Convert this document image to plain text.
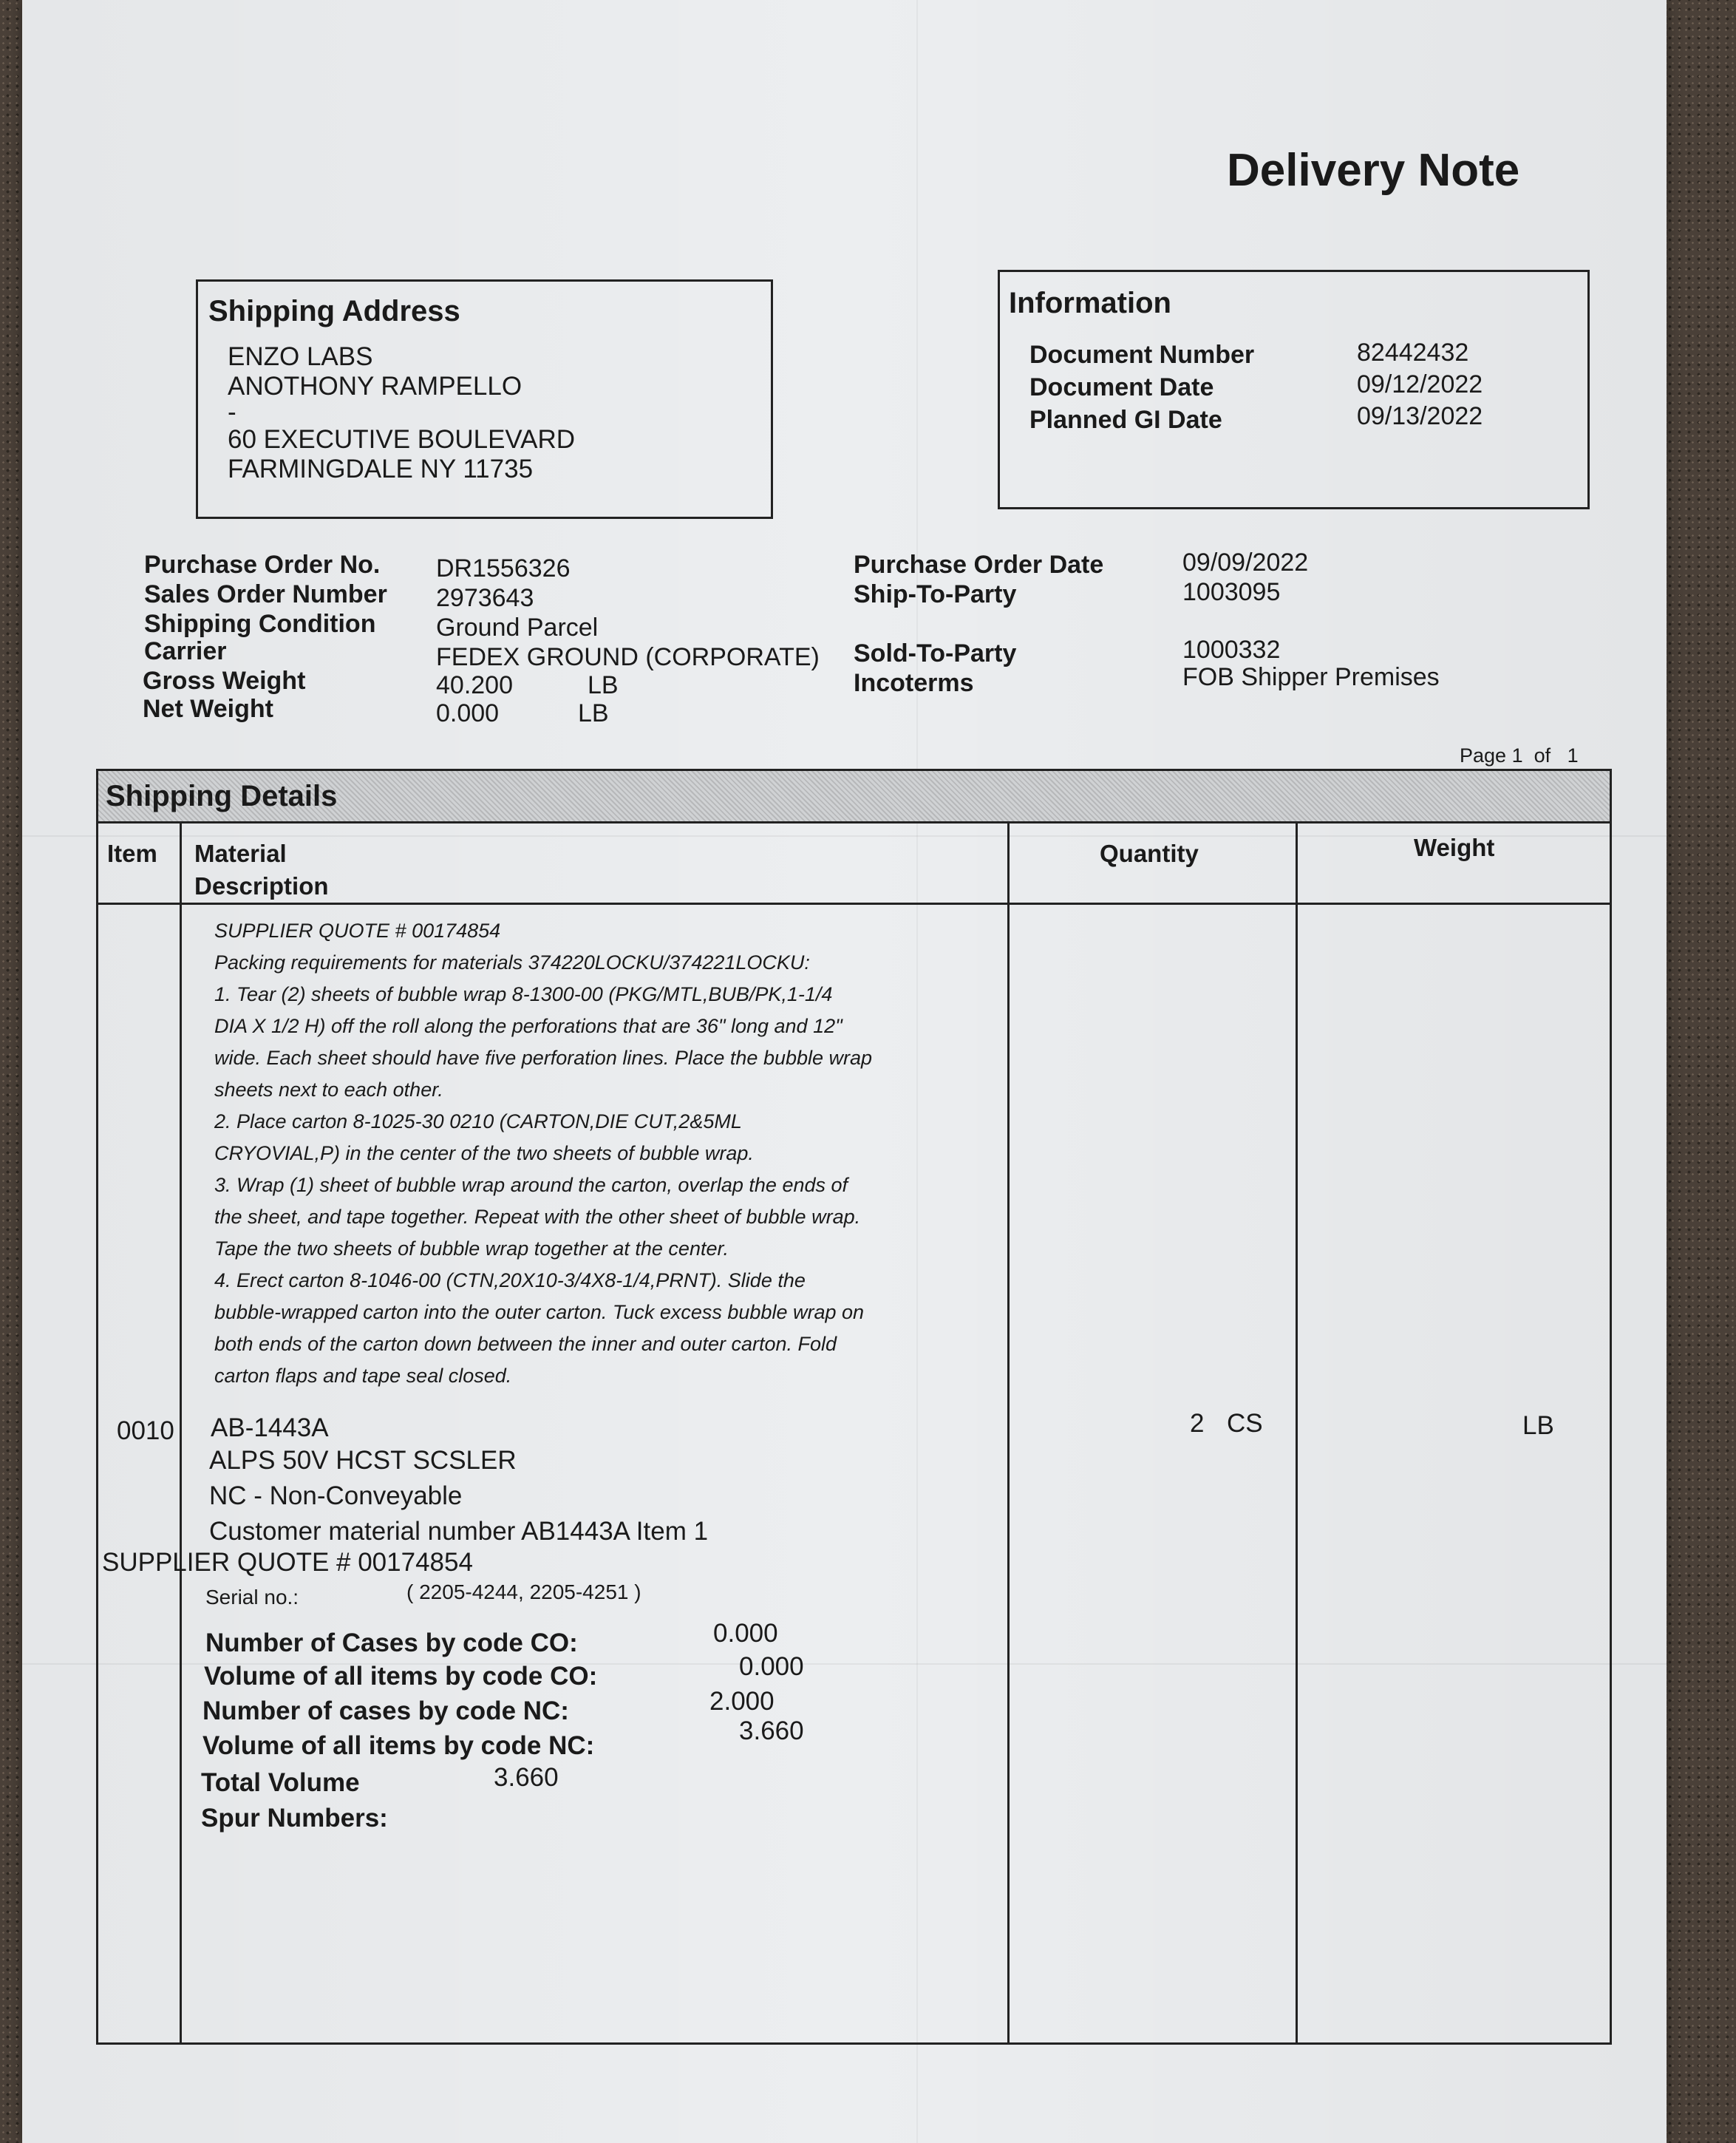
Delivery Note
Shipping Address
ENZO LABS
ANOTHONY RAMPELLO
-
60 EXECUTIVE BOULEVARD
FARMINGDALE NY 11735
Information
Document Number	82442432
Document Date	09/12/2022
Planned GI Date	09/13/2022
Purchase Order No. DR1556326
Sales Order Number 2973643
Shipping Condition Ground Parcel
Carrier	FEDEX GROUND (CORPORATE)
Gross Weight	40.200	LB
Net Weight	0.000	LB
Purchase Order Date	09/09/2022
Ship-To-Party	1003095
Sold-To-Party	1000332
Incoterms	FOB Shipper Premises
Page 1 of 1
Shipping Details
Item Material
Description
Quantity	Weight
SUPPLIER QUOTE # 00174854
Packing requirements for materials 374220LOCKU/374221LOCKU:
1. Tear (2) sheets of bubble wrap 8-1300-00 (PKG/MTL,BUB/PK,1-1/4
DIA X 1/2 H) off the roll along the perforations that are 36" long and 12"
wide. Each sheet should have five perforation lines. Place the bubble wrap
sheets next to each other.
2. Place carton 8-1025-30 0210 (CARTON,DIE CUT,2&5ML
CRYOVIAL,P) in the center of the two sheets of bubble wrap.
3. Wrap (1) sheet of bubble wrap around the carton, overlap the ends of
the sheet, and tape together. Repeat with the other sheet of bubble wrap.
Tape the two sheets of bubble wrap together at the center.
4. Erect carton 8-1046-00 (CTN,20X10-3/4X8-1/4,PRNT). Slide the
bubble-wrapped carton into the outer carton. Tuck excess bubble wrap on
both ends of the carton down between the inner and outer carton. Fold
carton flaps and tape seal closed.
0010 AB-1443A
ALPS 50V HCST SCSLER
NC - Non-Conveyable
Customer material number AB1443A Item 1
SUPPLIER QUOTE # 00174854
2 CS	LB
Serial no.:	( 2205-4244, 2205-4251 )
Number of Cases by code CO:	0.000
Volume of all items by code CO:	0.000
Number of cases by code NC:	2.000
Volume of all items by code NC:
3.660
Total Volume	3.660
Spur Numbers:
